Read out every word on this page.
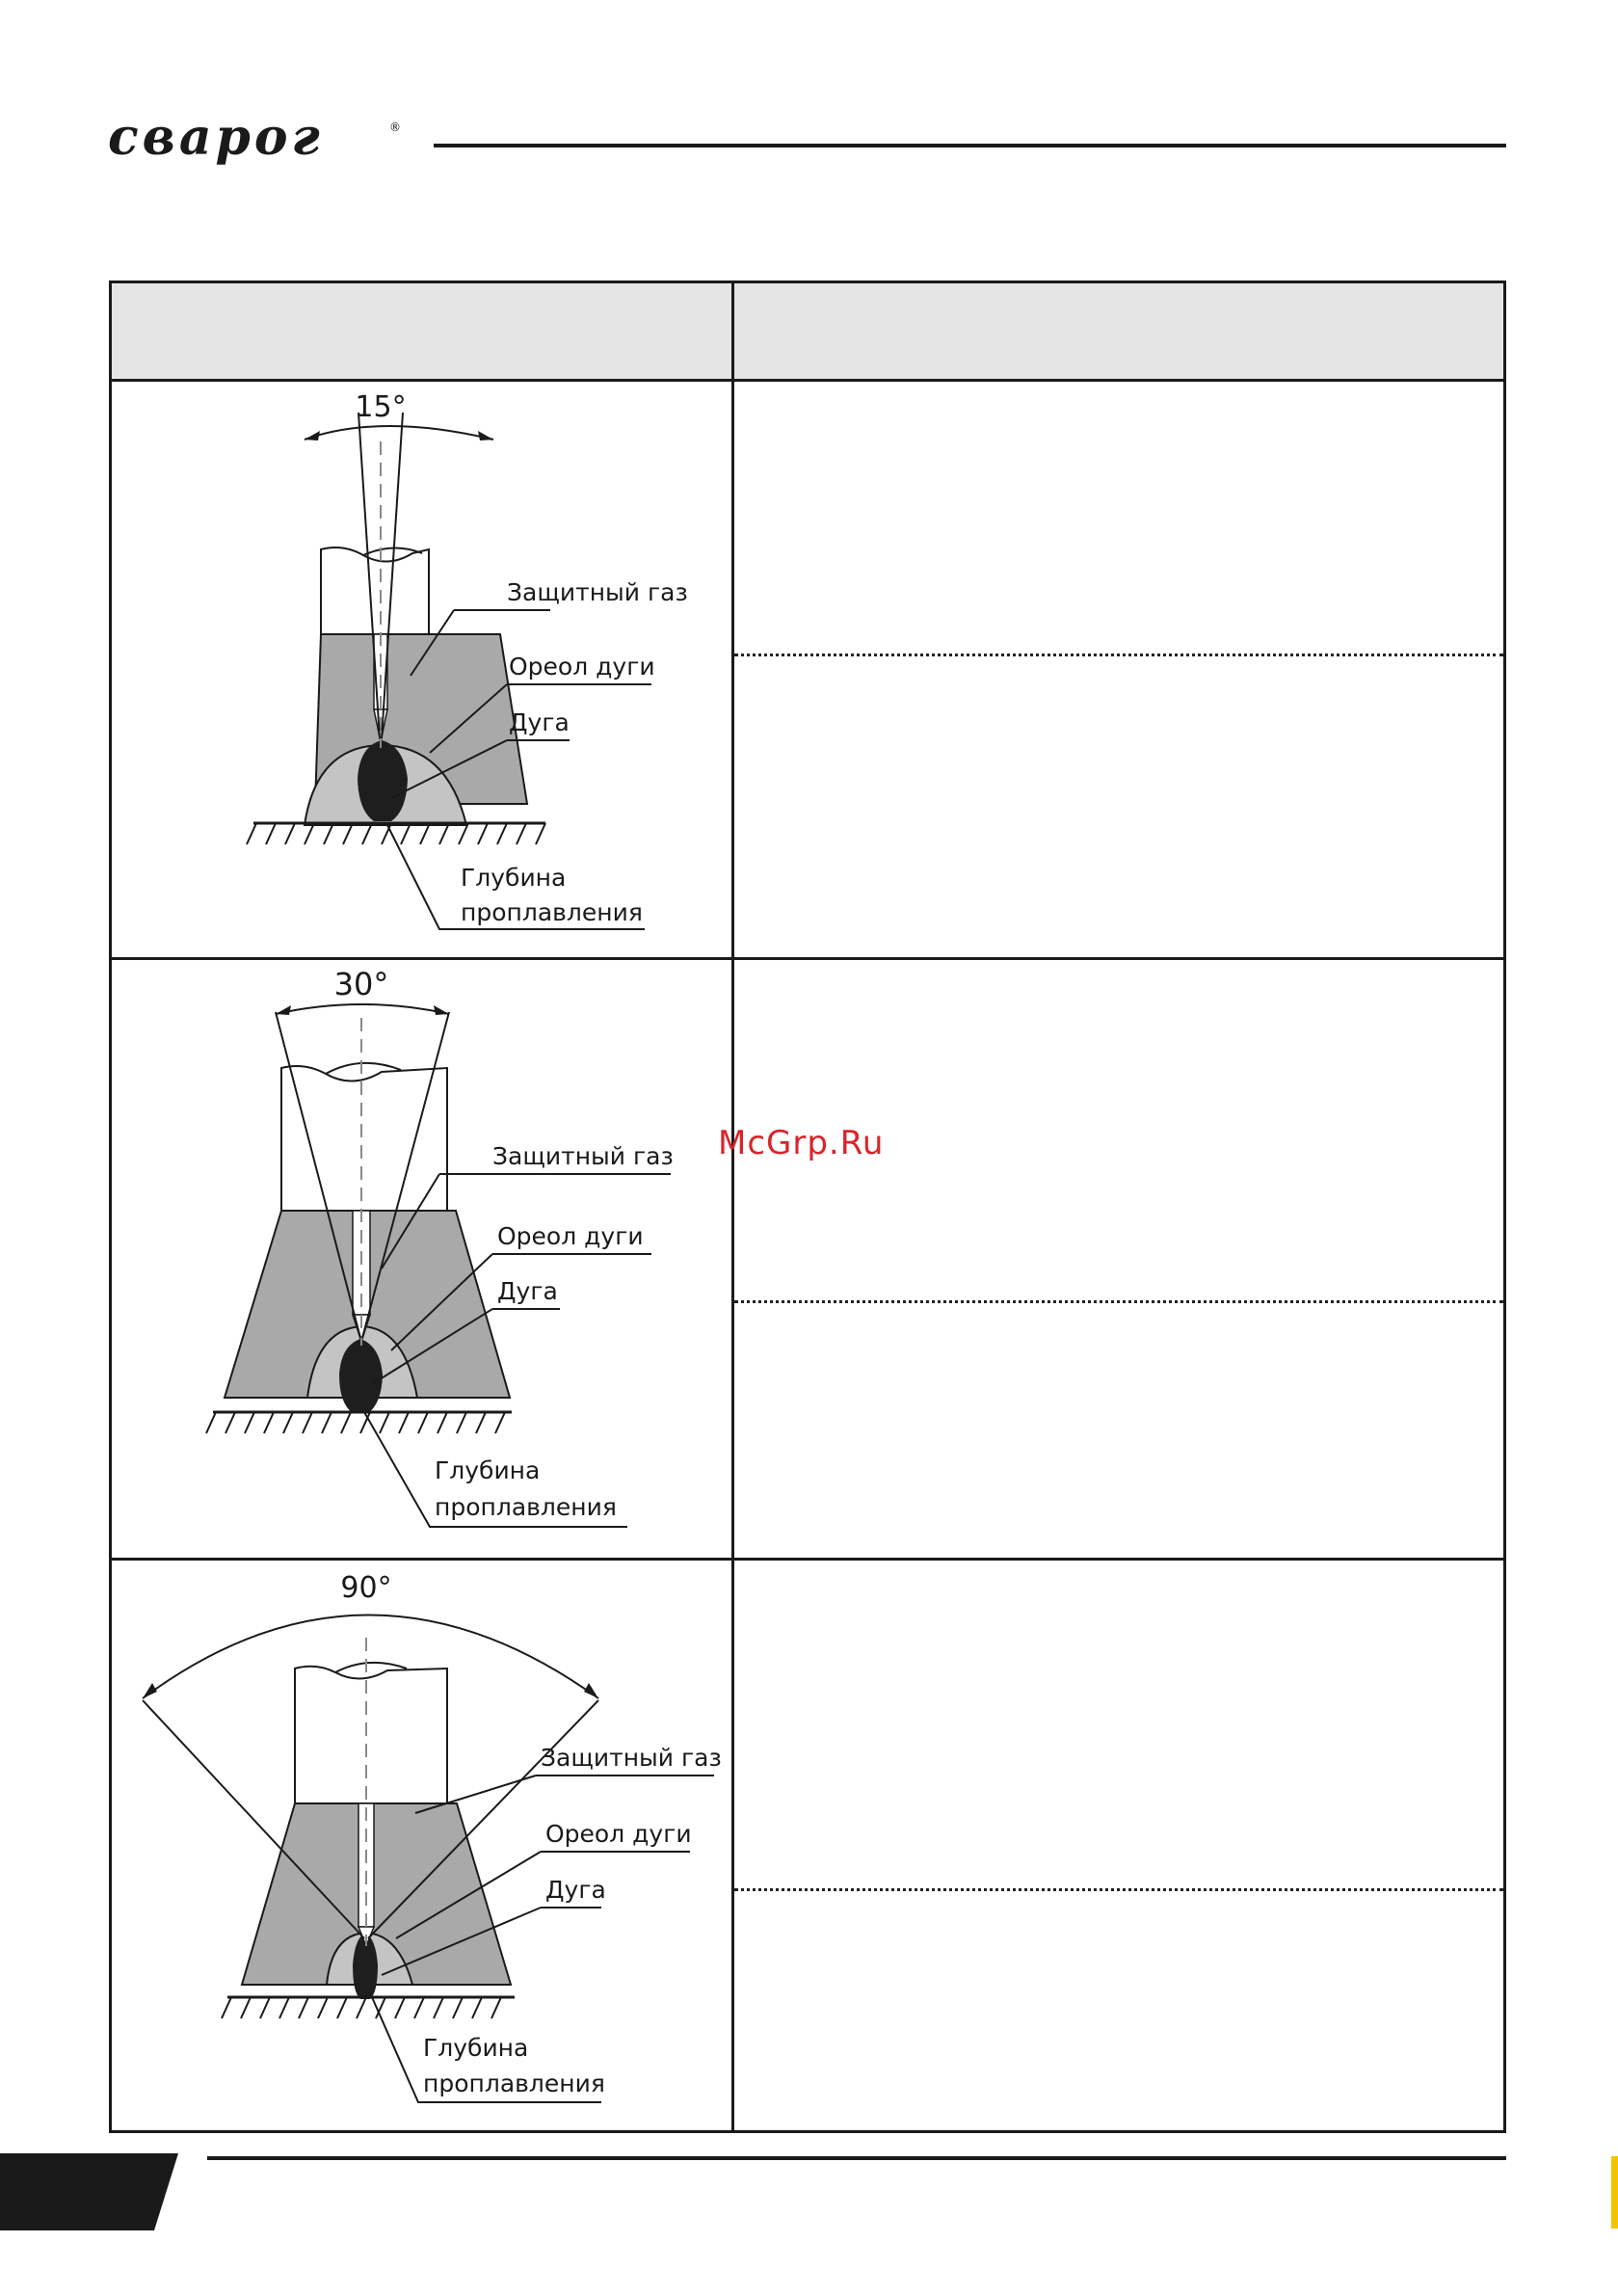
сварог	®
15°
Защитный газ
Ореол дуги
Дуга
Глубина
проплавления
30°
Защитный газ
Ореол дуги
Дуга
Глубина
проплавления
90°
Защитный газ
Ореол дуги
Дуга
Глубина
проплавления
McGrp.Ru
